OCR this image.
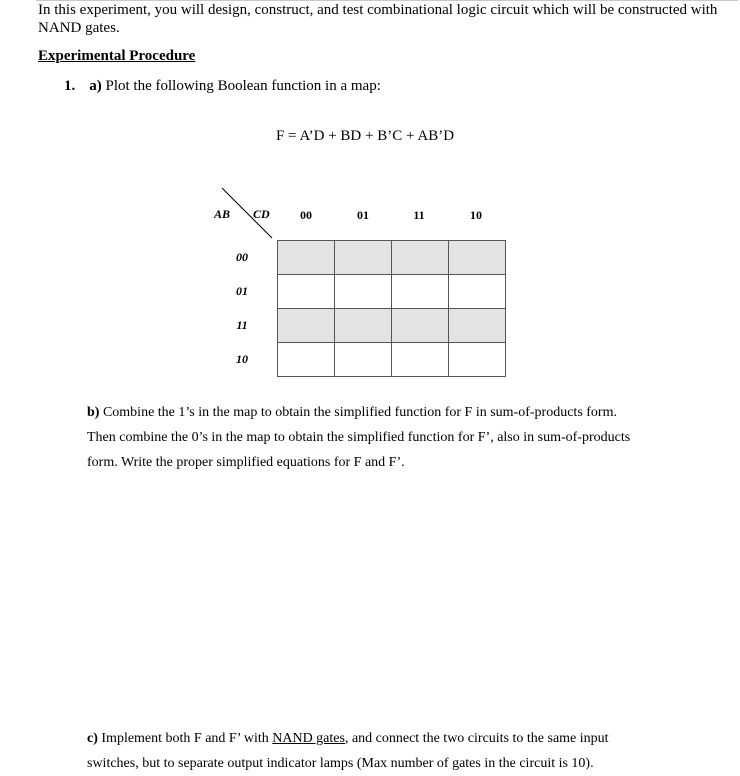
In this experiment, you will design, construct, and test combinational logic circuit which will be constructed with NAND gates.
Experimental Procedure
1. a) Plot the following Boolean function in a map:
F = A’D + BD + B’C + AB’D
AB CD	00	01	11	10
00
01
11
10
b) Combine the 1’s in the map to obtain the simplified function for F in sum-of-products form.
Then combine the 0’s in the map to obtain the simplified function for F’, also in sum-of-products
form. Write the proper simplified equations for F and F’.
c) Implement both F and F’ with NAND gates, and connect the two circuits to the same input
switches, but to separate output indicator lamps (Max number of gates in the circuit is 10).
